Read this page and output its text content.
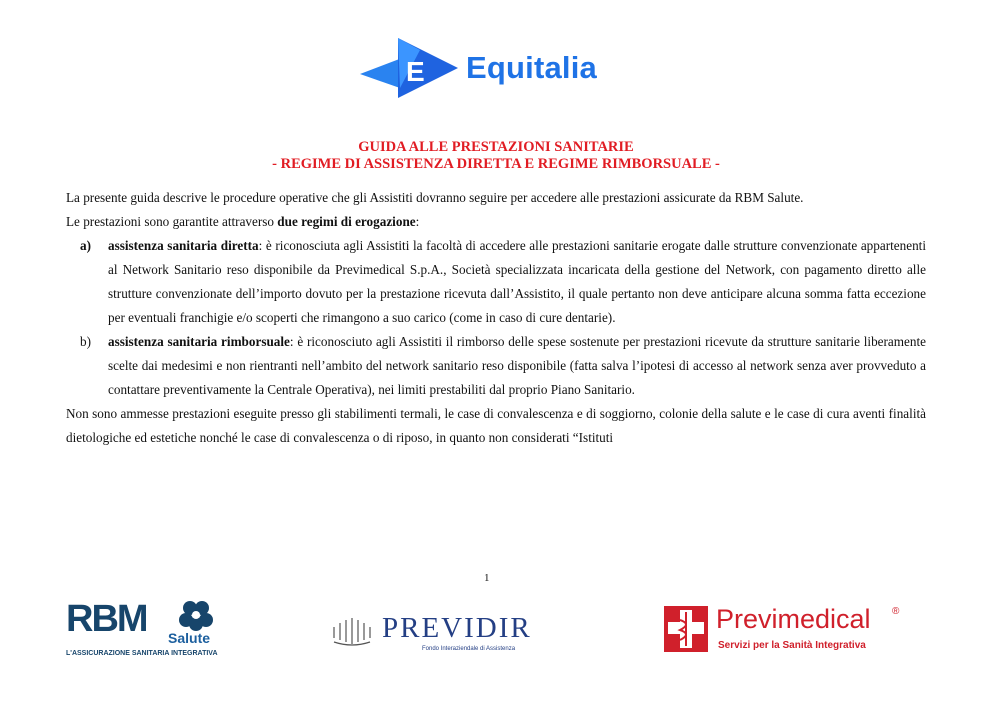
E Equitalia
GUIDA ALLE PRESTAZIONI SANITARIE
- REGIME DI ASSISTENZA DIRETTA E REGIME RIMBORSUALE -

La presente guida descrive le procedure operative che gli Assistiti dovranno seguire per accedere alle prestazioni assicurate da RBM Salute.

Le prestazioni sono garantite attraverso due regimi di erogazione:

a) assistenza sanitaria diretta: è riconosciuta agli Assistiti la facoltà di accedere alle prestazioni sanitarie erogate dalle strutture convenzionate appartenenti al Network Sanitario reso disponibile da Previmedical S.p.A., Società specializzata incaricata della gestione del Network, con pagamento diretto alle strutture convenzionate dell’importo dovuto per la prestazione ricevuta dall’Assistito, il quale pertanto non deve anticipare alcuna somma fatta eccezione per eventuali franchigie e/o scoperti che rimangono a suo carico (come in caso di cure dentarie).
b) assistenza sanitaria rimborsuale: è riconosciuto agli Assistiti il rimborso delle spese sostenute per prestazioni ricevute da strutture sanitarie liberamente scelte dai medesimi e non rientranti nell’ambito del network sanitario reso disponibile (fatta salva l’ipotesi di accesso al network senza aver provveduto a contattare preventivamente la Centrale Operativa), nei limiti prestabiliti dal proprio Piano Sanitario.

Non sono ammesse prestazioni eseguite presso gli stabilimenti termali, le case di convalescenza e di soggiorno, colonie della salute e le case di cura aventi finalità dietologiche ed estetiche nonché le case di convalescenza o di riposo, in quanto non considerati “Istituti

1
RBM Salute
L'ASSICURAZIONE SANITARIA INTEGRATIVA
PREVIDIR
Fondo Interaziendale di Assistenza
Previmedical ®
Servizi per la Sanità Integrativa
